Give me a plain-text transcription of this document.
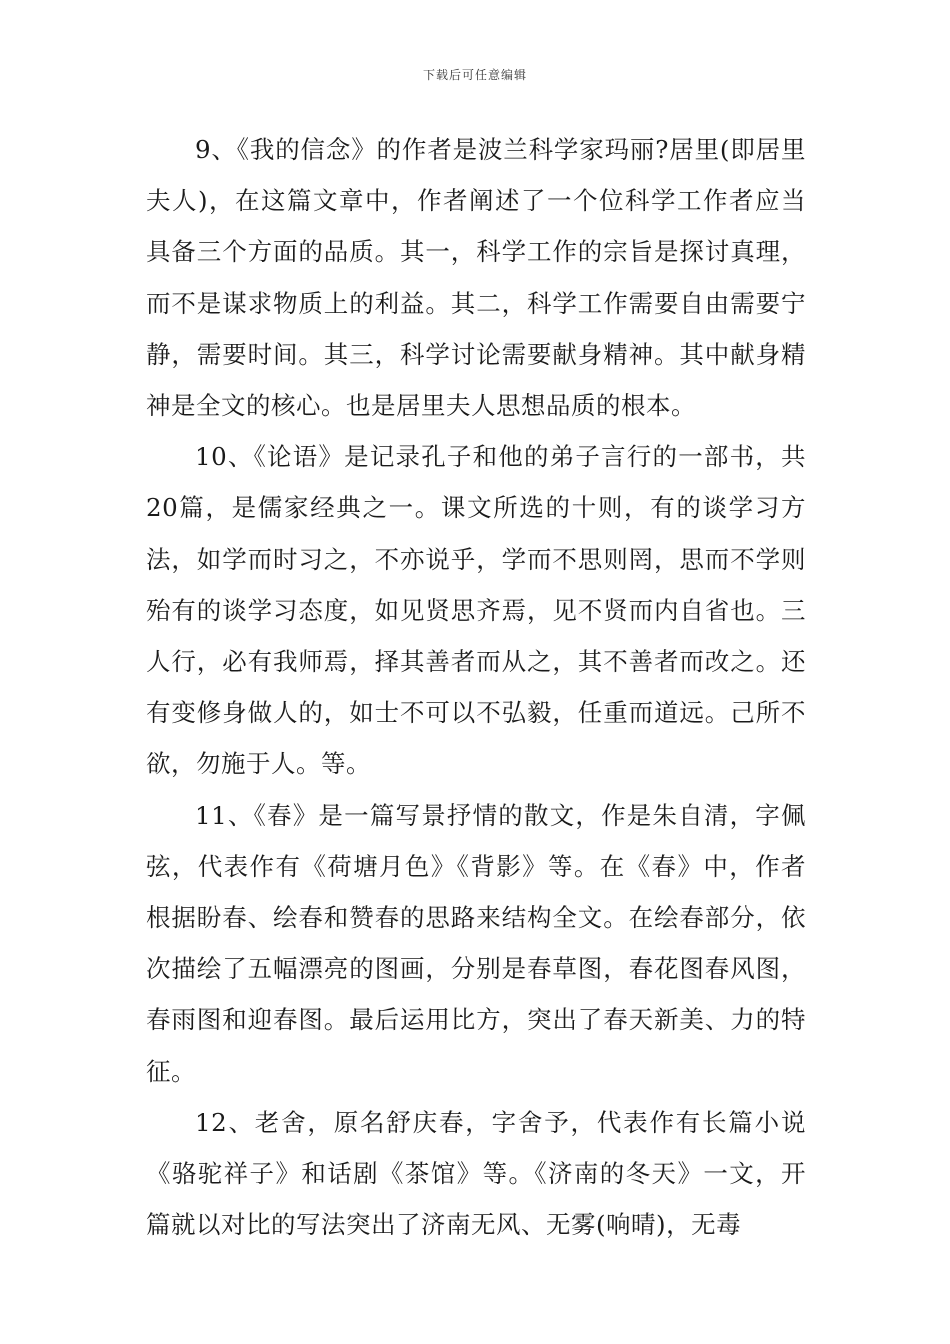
下载后可任意编辑

9、《我的信念》的作者是波兰科学家玛丽?居里(即居里夫人)，在这篇文章中，作者阐述了一个位科学工作者应当具备三个方面的品质。其一，科学工作的宗旨是探讨真理，而不是谋求物质上的利益。其二，科学工作需要自由需要宁静，需要时间。其三，科学讨论需要献身精神。其中献身精神是全文的核心。也是居里夫人思想品质的根本。

10、《论语》是记录孔子和他的弟子言行的一部书，共20篇，是儒家经典之一。课文所选的十则，有的谈学习方法，如学而时习之，不亦说乎，学而不思则罔，思而不学则殆有的谈学习态度，如见贤思齐焉，见不贤而内自省也。三人行，必有我师焉，择其善者而从之，其不善者而改之。还有变修身做人的，如士不可以不弘毅，任重而道远。己所不欲，勿施于人。等。

11、《春》是一篇写景抒情的散文，作是朱自清，字佩弦，代表作有《荷塘月色》《背影》等。在《春》中，作者根据盼春、绘春和赞春的思路来结构全文。在绘春部分，依次描绘了五幅漂亮的图画，分别是春草图，春花图春风图，春雨图和迎春图。最后运用比方，突出了春天新美、力的特征。

12、老舍，原名舒庆春，字舍予，代表作有长篇小说《骆驼祥子》和话剧《茶馆》等。《济南的冬天》一文，开篇就以对比的写法突出了济南无风、无雾(响晴)，无毒
